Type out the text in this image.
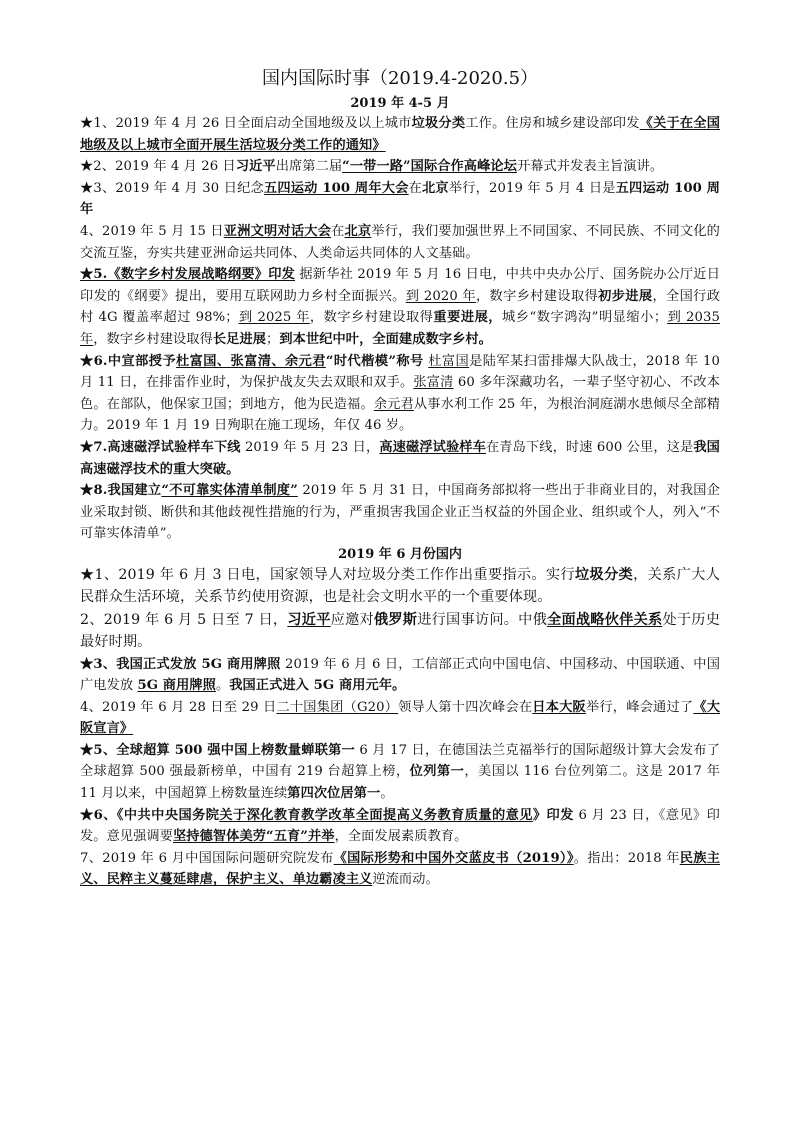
国内国际时事（2019.4-2020.5）
2019 年 4-5 月

★1、2019 年 4 月 26 日全面启动全国地级及以上城市垃圾分类工作。住房和城乡建设部印发《关于在全国地级及以上城市全面开展生活垃圾分类工作的通知》

★2、2019 年 4 月 26 日习近平出席第二届“一带一路”国际合作高峰论坛开幕式并发表主旨演讲。

★3、2019 年 4 月 30 日纪念五四运动 100 周年大会在北京举行，2019 年 5 月 4 日是五四运动 100 周年

4、2019 年 5 月 15 日亚洲文明对话大会在北京举行，我们要加强世界上不同国家、不同民族、不同文化的交流互鉴，夯实共建亚洲命运共同体、人类命运共同体的人文基础。

★5.《数字乡村发展战略纲要》印发 据新华社 2019 年 5 月 16 日电，中共中央办公厅、国务院办公厅近日印发的《纲要》提出，要用互联网助力乡村全面振兴。到 2020 年，数字乡村建设取得初步进展，全国行政村 4G 覆盖率超过 98%；到 2025 年，数字乡村建设取得重要进展，城乡“数字鸿沟”明显缩小；到 2035 年，数字乡村建设取得长足进展；到本世纪中叶，全面建成数字乡村。

★6.中宣部授予杜富国、张富清、余元君“时代楷模”称号 杜富国是陆军某扫雷排爆大队战士，2018 年 10 月 11 日，在排雷作业时，为保护战友失去双眼和双手。张富清 60 多年深藏功名，一辈子坚守初心、不改本色。在部队，他保家卫国；到地方，他为民造福。余元君从事水利工作 25 年，为根治洞庭湖水患倾尽全部精力。2019 年 1 月 19 日殉职在施工现场，年仅 46 岁。

★7.高速磁浮试验样车下线 2019 年 5 月 23 日，高速磁浮试验样车在青岛下线，时速 600 公里，这是我国高速磁浮技术的重大突破。

★8.我国建立“不可靠实体清单制度” 2019 年 5 月 31 日，中国商务部拟将一些出于非商业目的，对我国企业采取封锁、断供和其他歧视性措施的行为，严重损害我国企业正当权益的外国企业、组织或个人，列入“不可靠实体清单”。

2019 年 6 月份国内

★1、2019 年 6 月 3 日电，国家领导人对垃圾分类工作作出重要指示。实行垃圾分类，关系广大人民群众生活环境，关系节约使用资源，也是社会文明水平的一个重要体现。

2、2019 年 6 月 5 日至 7 日，习近平应邀对俄罗斯进行国事访问。中俄全面战略伙伴关系处于历史最好时期。

★3、我国正式发放 5G 商用牌照 2019 年 6 月 6 日，工信部正式向中国电信、中国移动、中国联通、中国广电发放 5G 商用牌照。我国正式进入 5G 商用元年。

4、2019 年 6 月 28 日至 29 日二十国集团（G20）领导人第十四次峰会在日本大阪举行，峰会通过了《大阪宣言》

★5、全球超算 500 强中国上榜数量蝉联第一 6 月 17 日，在德国法兰克福举行的国际超级计算大会发布了全球超算 500 强最新榜单，中国有 219 台超算上榜，位列第一，美国以 116 台位列第二。这是 2017 年 11 月以来，中国超算上榜数量连续第四次位居第一。

★6、《中共中央国务院关于深化教育教学改革全面提高义务教育质量的意见》印发 6 月 23 日，《意见》印发。意见强调要坚持德智体美劳“五育”并举，全面发展素质教育。

7、2019 年 6 月中国国际问题研究院发布《国际形势和中国外交蓝皮书（2019）》。指出：2018 年民族主义、民粹主义蔓延肆虐，保护主义、单边霸凌主义逆流而动。
